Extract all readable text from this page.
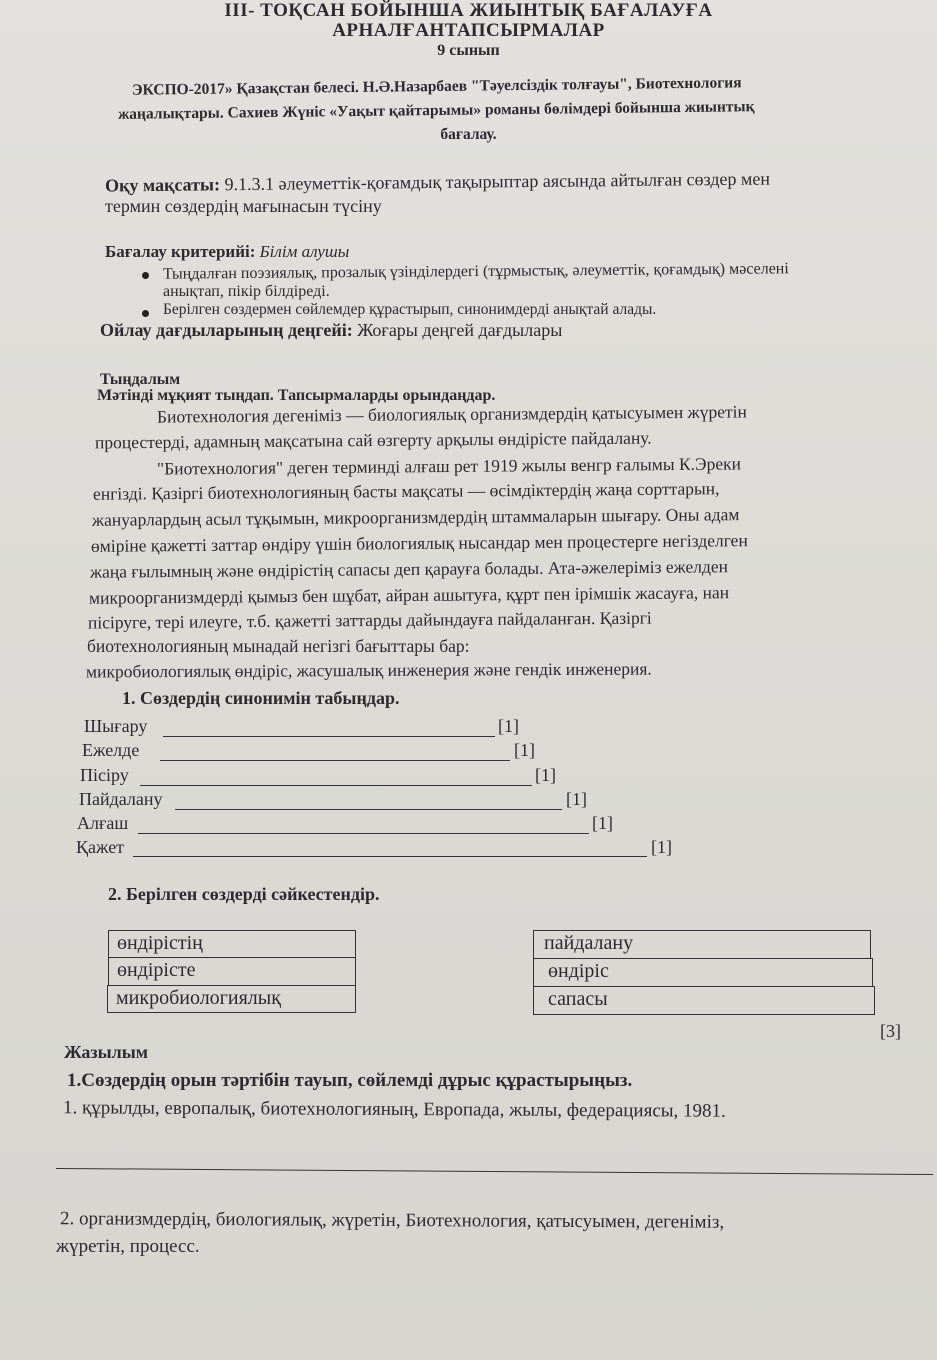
ІІІ- ТОҚСАН БОЙЫНША ЖИЫНТЫҚ БАҒАЛАУҒА
АРНАЛҒАНТАПСЫРМАЛАР
9 сынып
ЭКСПО-2017» Қазақстан белесі. Н.Ә.Назарбаев "Тәуелсіздік толғауы", Биотехнология
жаңалықтары. Сахиев Жүніс «Уақыт қайтарымы» романы бөлімдері бойынша жиынтық
бағалау.
Оқу мақсаты: 9.1.3.1 әлеуметтік-қоғамдық тақырыптар аясында айтылған сөздер мен
термин сөздердің мағынасын түсіну
Бағалау критерийі: Білім алушы
Тыңдалған поэзиялық, прозалық үзінділердегі (тұрмыстық, әлеуметтік, қоғамдық) мәселені
анықтап, пікір білдіреді.
Берілген сөздермен сөйлемдер құрастырып, синонимдерді анықтай алады.
Ойлау дағдыларының деңгейі: Жоғары деңгей дағдылары
Тыңдалым
Мәтінді мұқият тыңдап. Тапсырмаларды орындаңдар.
Биотехнология дегеніміз — биологиялық организмдердің қатысуымен жүретін
процестерді, адамның мақсатына сай өзгерту арқылы өндірісте пайдалану.
"Биотехнология" деген терминді алғаш рет 1919 жылы венгр ғалымы К.Эреки
енгізді. Қазіргі биотехнологияның басты мақсаты — өсімдіктердің жаңа сорттарын,
жануарлардың асыл тұқымын, микроорганизмдердің штаммаларын шығару. Оны адам
өміріне қажетті заттар өндіру үшін биологиялық нысандар мен процестерге негізделген
жаңа ғылымның және өндірістің сапасы деп қарауға болады. Ата-әжелеріміз ежелден
микроорганизмдерді қымыз бен шұбат, айран ашытуға, құрт пен ірімшік жасауға, нан
пісіруге, тері илеуге, т.б. қажетті заттарды дайындауға пайдаланған. Қазіргі
биотехнологияның мынадай негізгі бағыттары бар:
микробиологиялық өндіріс, жасушалық инженерия және гендік инженерия.
1. Сөздердің синонимін табыңдар.
Шығару	[1]
Ежелде	[1]
Пісіру	[1]
Пайдалану	[1]
Алғаш	[1]
Қажет	[1]
2. Берілген сөздерді сәйкестендір.
өндірістің
өндірісте
микробиологиялық
пайдалану
өндіріс
сапасы
[3]
Жазылым
1.Сөздердің орын тәртібін тауып, сөйлемді дұрыс құрастырыңыз.
1. құрылды, европалық, биотехнологияның, Европада, жылы, федерациясы, 1981.
2. организмдердің, биологиялық, жүретін, Биотехнология, қатысуымен, дегеніміз,
жүретін, процесс.
